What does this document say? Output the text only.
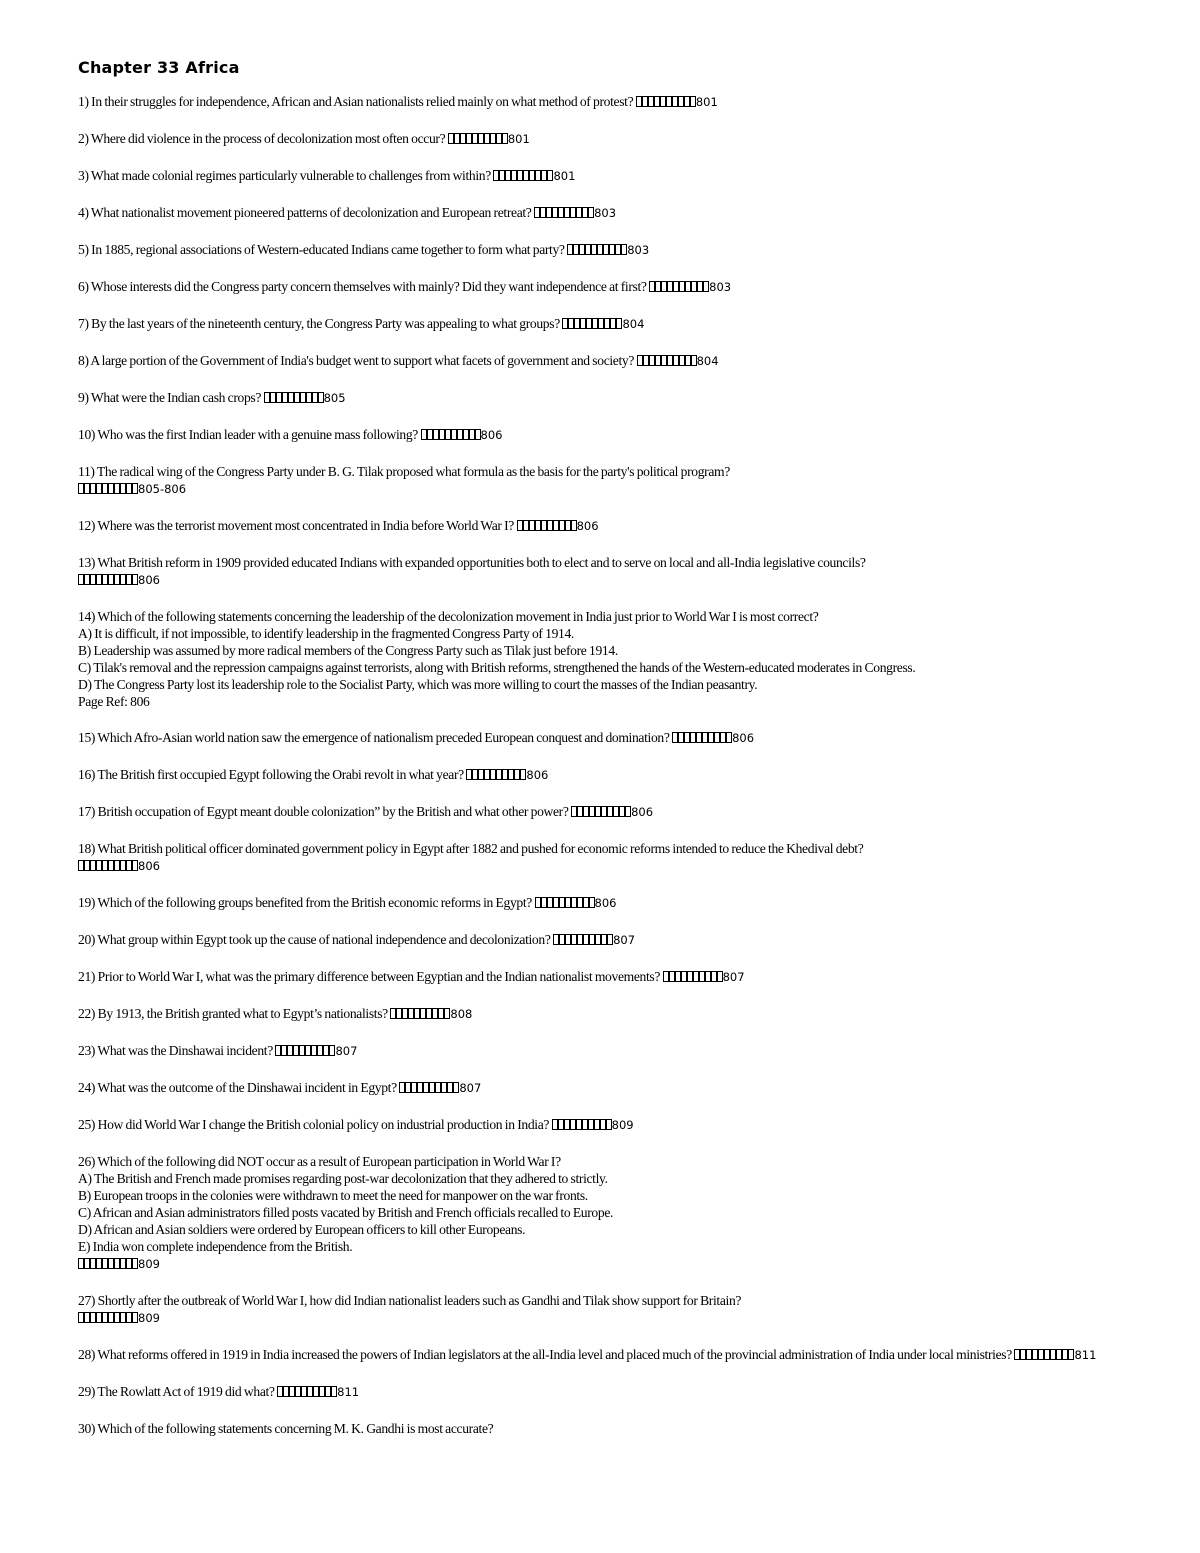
Chapter 33 Africa
1) In their struggles for independence, African and Asian nationalists relied mainly on what method of protest?	801
2) Where did violence in the process of decolonization most often occur?	801
3) What made colonial regimes particularly vulnerable to challenges from within?	801
4) What nationalist movement pioneered patterns of decolonization and European retreat?	803
5) In 1885, regional associations of Western-educated Indians came together to form what party?	803
6) Whose interests did the Congress party concern themselves with mainly? Did they want independence at first?	803
7) By the last years of the nineteenth century, the Congress Party was appealing to what groups?	804
8) A large portion of the Government of India's budget went to support what facets of government and society?	804
9) What were the Indian cash crops?	805
10) Who was the first Indian leader with a genuine mass following?	806
11) The radical wing of the Congress Party under B. G. Tilak proposed what formula as the basis for the party's political program?
805-806
12) Where was the terrorist movement most concentrated in India before World War I?	806
13) What British reform in 1909 provided educated Indians with expanded opportunities both to elect and to serve on local and all-India legislative councils?
806
14) Which of the following statements concerning the leadership of the decolonization movement in India just prior to World War I is most correct?
A) It is difficult, if not impossible, to identify leadership in the fragmented Congress Party of 1914.
B) Leadership was assumed by more radical members of the Congress Party such as Tilak just before 1914.
C) Tilak's removal and the repression campaigns against terrorists, along with British reforms, strengthened the hands of the Western-educated moderates in Congress.
D) The Congress Party lost its leadership role to the Socialist Party, which was more willing to court the masses of the Indian peasantry.
Page Ref: 806
15) Which Afro-Asian world nation saw the emergence of nationalism preceded European conquest and domination?	806
16) The British first occupied Egypt following the Orabi revolt in what year?	806
17) British occupation of Egypt meant double colonization” by the British and what other power?	806
18) What British political officer dominated government policy in Egypt after 1882 and pushed for economic reforms intended to reduce the Khedival debt?
806
19) Which of the following groups benefited from the British economic reforms in Egypt?	806
20) What group within Egypt took up the cause of national independence and decolonization?	807
21) Prior to World War I, what was the primary difference between Egyptian and the Indian nationalist movements?	807
22) By 1913, the British granted what to Egypt’s nationalists?	808
23) What was the Dinshawai incident?	807
24) What was the outcome of the Dinshawai incident in Egypt?	807
25) How did World War I change the British colonial policy on industrial production in India?	809
26) Which of the following did NOT occur as a result of European participation in World War I?
A) The British and French made promises regarding post-war decolonization that they adhered to strictly.
B) European troops in the colonies were withdrawn to meet the need for manpower on the war fronts.
C) African and Asian administrators filled posts vacated by British and French officials recalled to Europe.
D) African and Asian soldiers were ordered by European officers to kill other Europeans.
E) India won complete independence from the British.
809
27) Shortly after the outbreak of World War I, how did Indian nationalist leaders such as Gandhi and Tilak show support for Britain?
809
28) What reforms offered in 1919 in India increased the powers of Indian legislators at the all-India level and placed much of the provincial administration of India under local ministries?	811
29) The Rowlatt Act of 1919 did what?	811
30) Which of the following statements concerning M. K. Gandhi is most accurate?
